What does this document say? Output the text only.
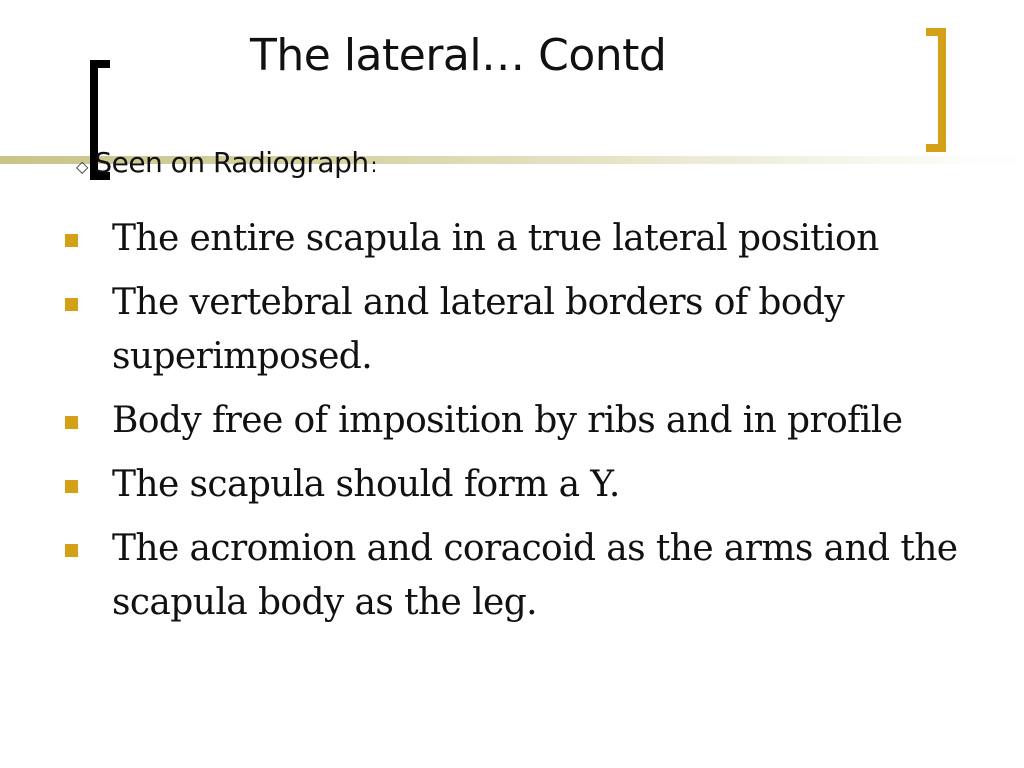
The lateral… Contd
◇ Seen on Radiograph :
The entire scapula in a true lateral position
The vertebral and lateral borders of body superimposed.
Body free of imposition by ribs and in profile
The scapula should form a Y.
The acromion and coracoid as the arms and the scapula body as the leg.
